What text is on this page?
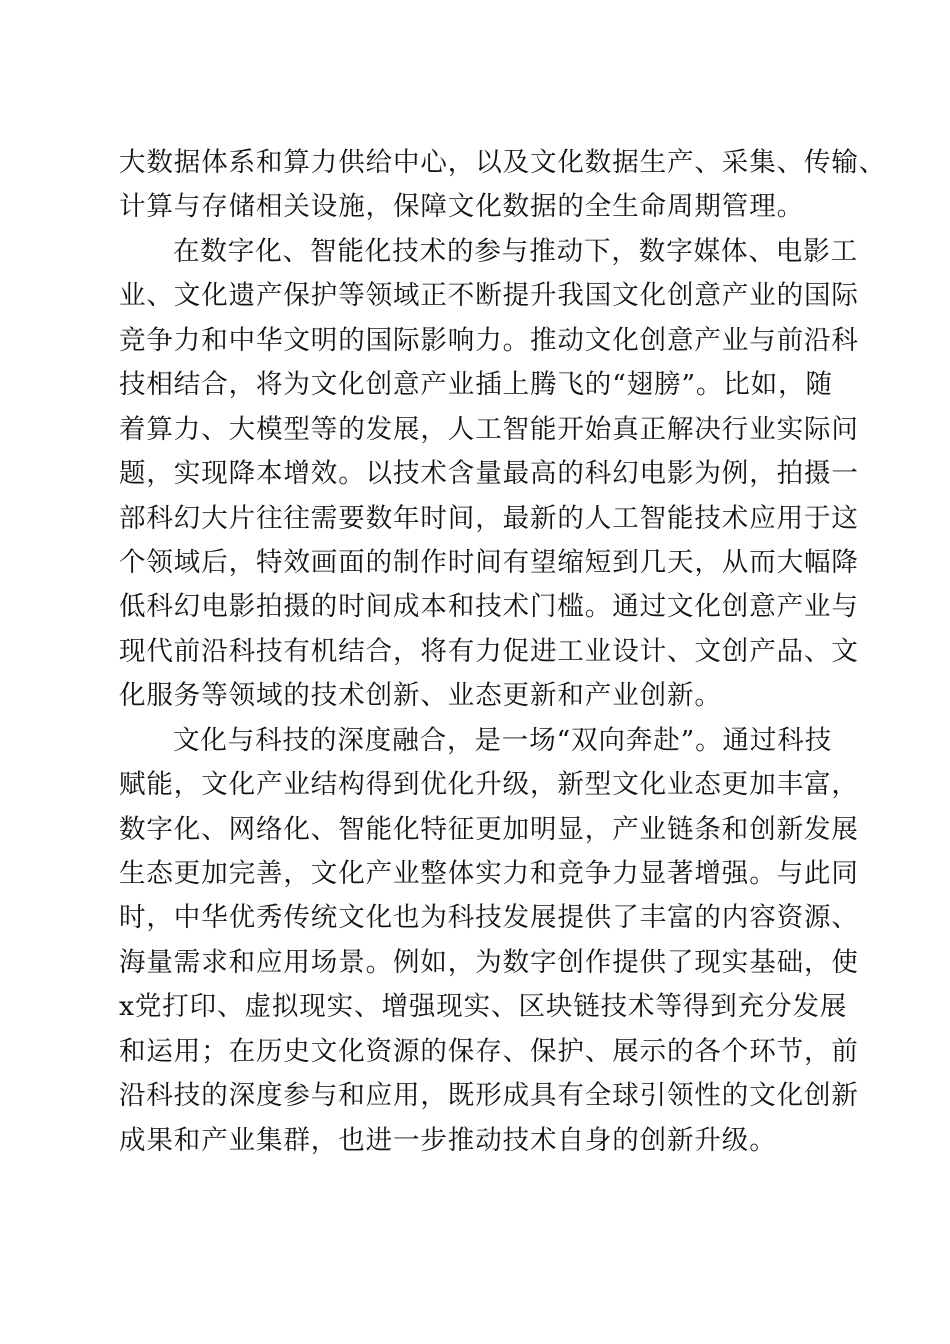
大数据体系和算力供给中心，以及文化数据生产、采集、传输、
计算与存储相关设施，保障文化数据的全生命周期管理。
在数字化、智能化技术的参与推动下，数字媒体、电影工
业、文化遗产保护等领域正不断提升我国文化创意产业的国际
竞争力和中华文明的国际影响力。推动文化创意产业与前沿科
技相结合，将为文化创意产业插上腾飞的“翅膀”。比如，随
着算力、大模型等的发展，人工智能开始真正解决行业实际问
题，实现降本增效。以技术含量最高的科幻电影为例，拍摄一
部科幻大片往往需要数年时间，最新的人工智能技术应用于这
个领域后，特效画面的制作时间有望缩短到几天，从而大幅降
低科幻电影拍摄的时间成本和技术门槛。通过文化创意产业与
现代前沿科技有机结合，将有力促进工业设计、文创产品、文
化服务等领域的技术创新、业态更新和产业创新。
文化与科技的深度融合，是一场“双向奔赴”。通过科技
赋能，文化产业结构得到优化升级，新型文化业态更加丰富，
数字化、网络化、智能化特征更加明显，产业链条和创新发展
生态更加完善，文化产业整体实力和竞争力显著增强。与此同
时，中华优秀传统文化也为科技发展提供了丰富的内容资源、
海量需求和应用场景。例如，为数字创作提供了现实基础，使
x党打印、虚拟现实、增强现实、区块链技术等得到充分发展
和运用；在历史文化资源的保存、保护、展示的各个环节，前
沿科技的深度参与和应用，既形成具有全球引领性的文化创新
成果和产业集群，也进一步推动技术自身的创新升级。
